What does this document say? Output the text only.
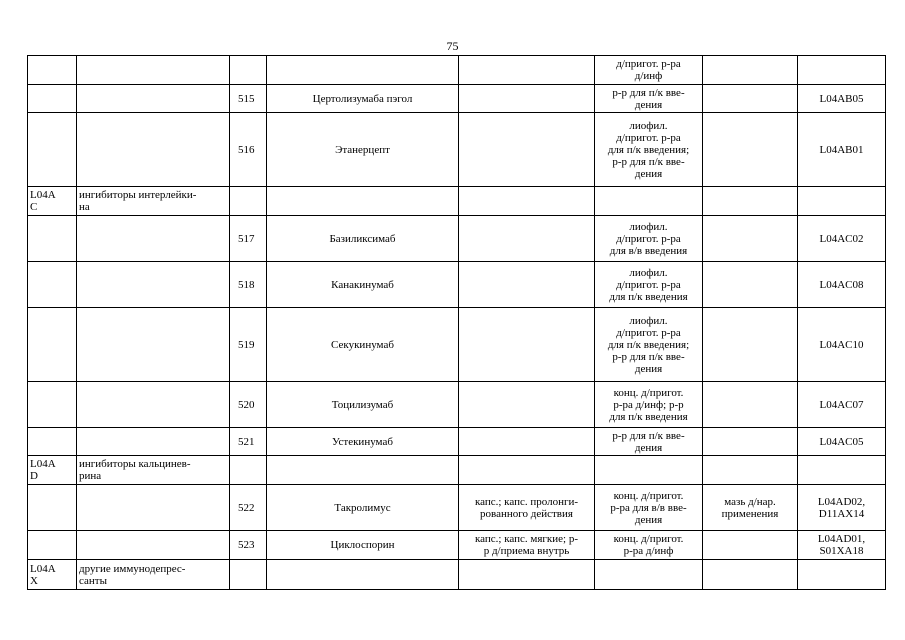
75
					д/пригот. р-ра
д/инф		
		515	Цертолизумаба пэгол		р-р для п/к вве-
дения		L04AB05
		516	Этанерцепт		лиофил.
д/пригот. р-ра
для п/к введения;
р-р для п/к вве-
дения		L04AB01
L04A
C	ингибиторы интерлейки-
на						
		517	Базиликсимаб		лиофил.
д/пригот. р-ра
для в/в введения		L04AC02
		518	Канакинумаб		лиофил.
д/пригот. р-ра
для п/к введения		L04AC08
		519	Секукинумаб		лиофил.
д/пригот. р-ра
для п/к введения;
р-р для п/к вве-
дения		L04AC10
		520	Тоцилизумаб		конц. д/пригот.
р-ра д/инф; р-р
для п/к введения		L04AC07
		521	Устекинумаб		р-р для п/к вве-
дения		L04AC05
L04A
D	ингибиторы кальцинев-
рина						
		522	Такролимус	капс.; капс. пролонги-
рованного действия	конц. д/пригот.
р-ра для в/в вве-
дения	мазь д/нар.
применения	L04AD02,
D11AX14
		523	Циклоспорин	капс.; капс. мягкие; р-
р д/приема внутрь	конц. д/пригот.
р-ра д/инф		L04AD01,
S01XA18
L04A
X	другие иммунодепрес-
санты						
